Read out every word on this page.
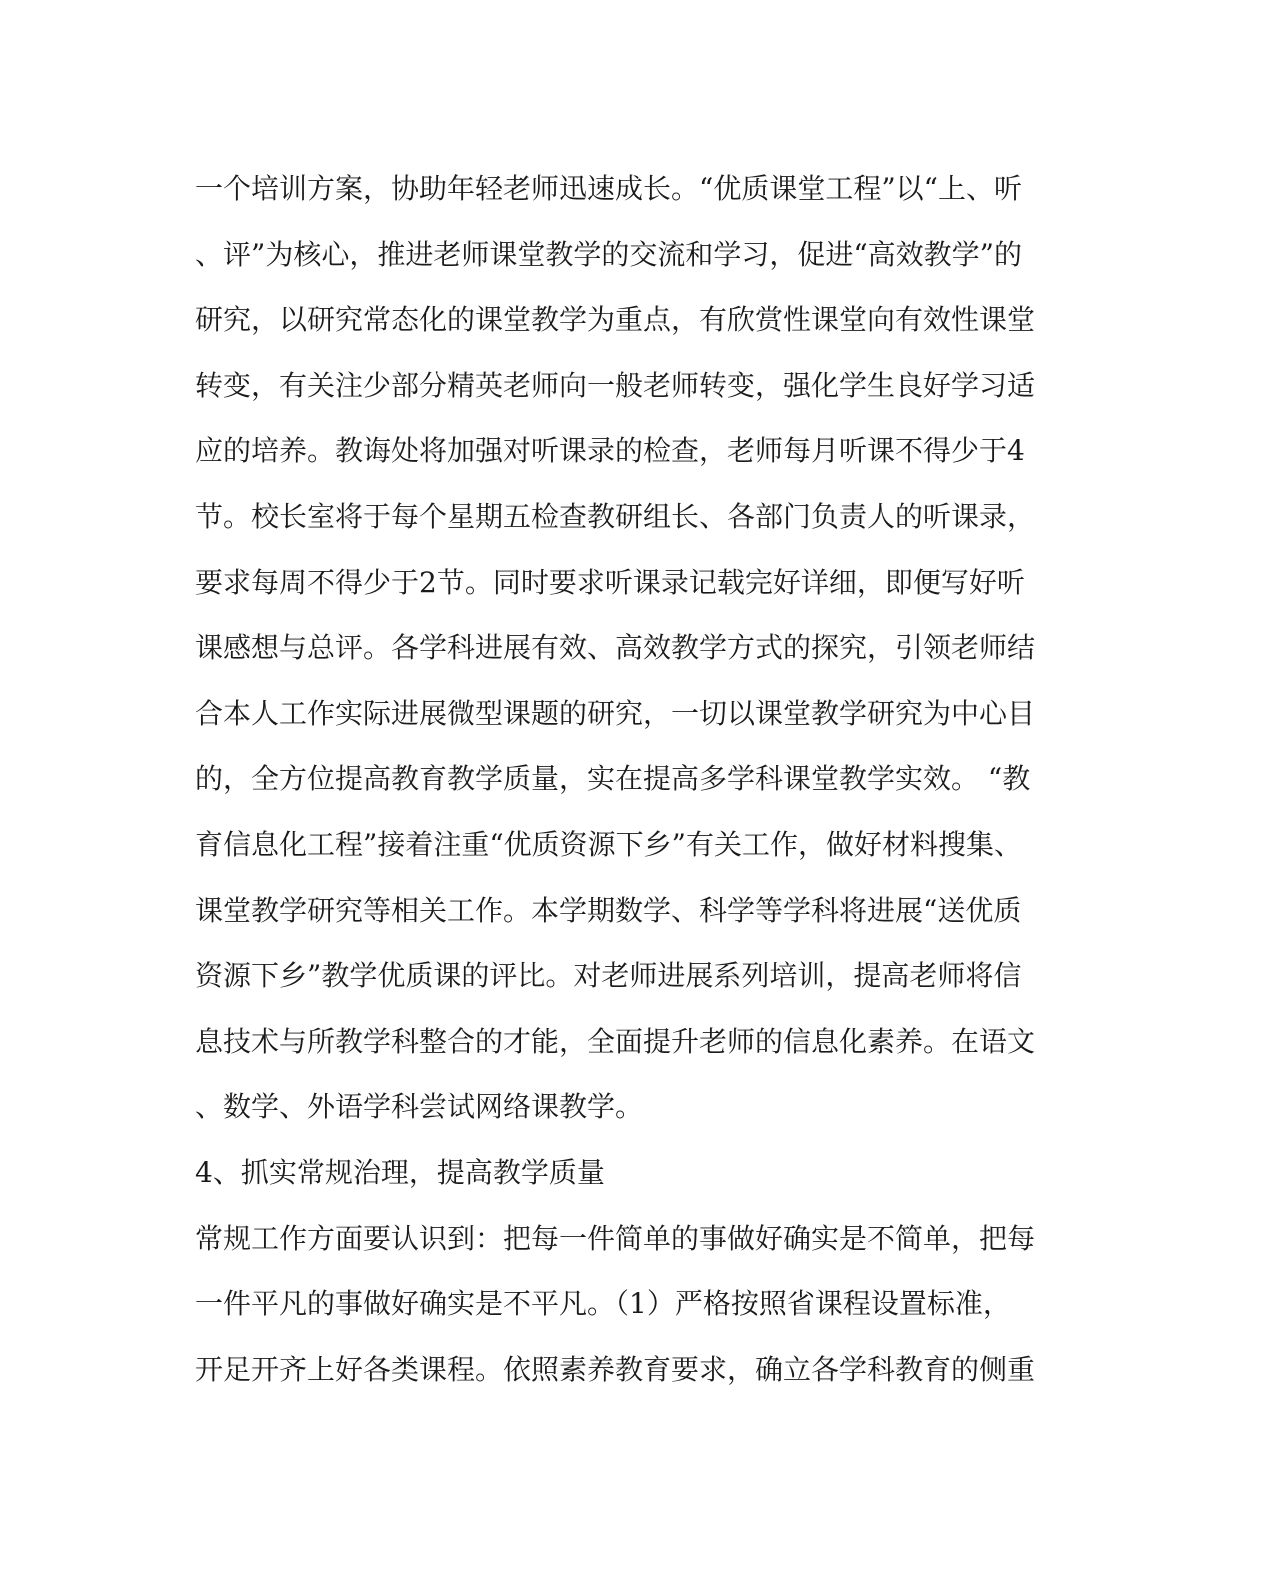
一个培训方案，协助年轻老师迅速成长。“优质课堂工程”以“上、听
、评”为核心，推进老师课堂教学的交流和学习，促进“高效教学”的
研究，以研究常态化的课堂教学为重点，有欣赏性课堂向有效性课堂
转变，有关注少部分精英老师向一般老师转变，强化学生良好学习适
应的培养。教诲处将加强对听课录的检查，老师每月听课不得少于4
节。校长室将于每个星期五检查教研组长、各部门负责人的听课录，
要求每周不得少于2节。同时要求听课录记载完好详细，即便写好听
课感想与总评。各学科进展有效、高效教学方式的探究，引领老师结
合本人工作实际进展微型课题的研究，一切以课堂教学研究为中心目
的，全方位提高教育教学质量，实在提高多学科课堂教学实效。 “教
育信息化工程”接着注重“优质资源下乡”有关工作，做好材料搜集、
课堂教学研究等相关工作。本学期数学、科学等学科将进展“送优质
资源下乡”教学优质课的评比。对老师进展系列培训，提高老师将信
息技术与所教学科整合的才能，全面提升老师的信息化素养。在语文
、数学、外语学科尝试网络课教学。
4、抓实常规治理，提高教学质量
常规工作方面要认识到：把每一件简单的事做好确实是不简单，把每
一件平凡的事做好确实是不平凡。（1）严格按照省课程设置标准，
开足开齐上好各类课程。依照素养教育要求，确立各学科教育的侧重
